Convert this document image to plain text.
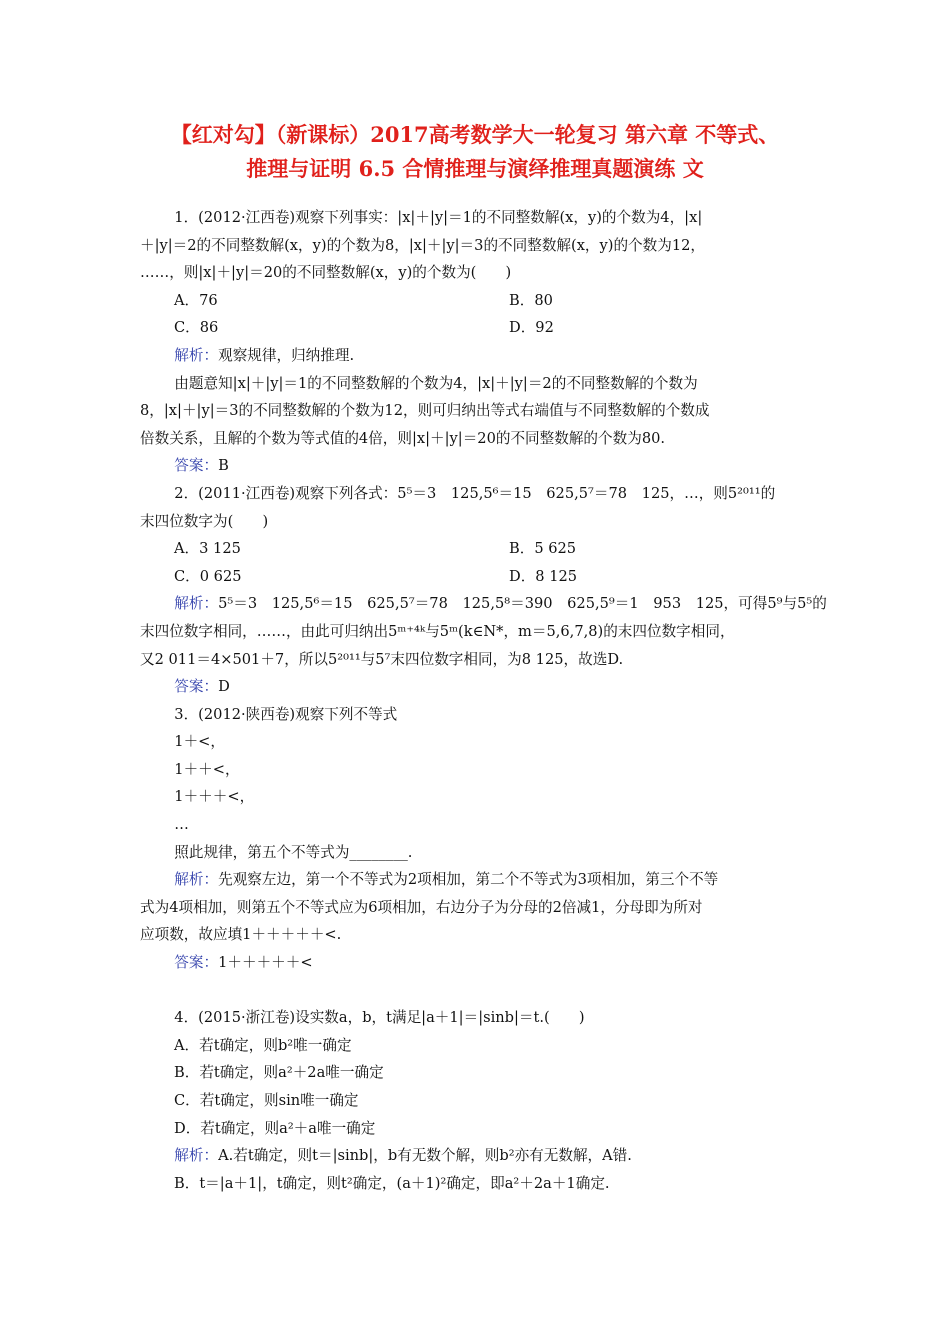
【红对勾】（新课标）2017高考数学大一轮复习 第六章 不等式、
推理与证明 6.5 合情推理与演绎推理真题演练 文

1．(2012·江西卷)观察下列事实：|x|＋|y|＝1的不同整数解(x，y)的个数为4，|x|

＋|y|＝2的不同整数解(x，y)的个数为8，|x|＋|y|＝3的不同整数解(x，y)的个数为12，

……，则|x|＋|y|＝20的不同整数解(x，y)的个数为(　　)

A．76	B．80
C．86	D．92

解析：观察规律，归纳推理.

由题意知|x|＋|y|＝1的不同整数解的个数为4，|x|＋|y|＝2的不同整数解的个数为

8，|x|＋|y|＝3的不同整数解的个数为12，则可归纳出等式右端值与不同整数解的个数成

倍数关系，且解的个数为等式值的4倍，则|x|＋|y|＝20的不同整数解的个数为80.

答案：B

2．(2011·江西卷)观察下列各式：5⁵＝3　125,5⁶＝15　625,5⁷＝78　125，…，则5²⁰¹¹的

末四位数字为(　　)

A．3 125	B．5 625
C．0 625	D．8 125

解析：5⁵＝3　125,5⁶＝15　625,5⁷＝78　125,5⁸＝390　625,5⁹＝1　953　125，可得5⁹与5⁵的

末四位数字相同，……，由此可归纳出5ᵐ⁺⁴ᵏ与5ᵐ(k∈N*，m＝5,6,7,8)的末四位数字相同，

又2 011＝4×501＋7，所以5²⁰¹¹与5⁷末四位数字相同，为8 125，故选D.

答案：D

3．(2012·陕西卷)观察下列不等式

1＋<，

1＋＋<，

1＋＋＋<，

…

照此规律，第五个不等式为________.

解析：先观察左边，第一个不等式为2项相加，第二个不等式为3项相加，第三个不等

式为4项相加，则第五个不等式应为6项相加，右边分子为分母的2倍减1，分母即为所对

应项数，故应填1＋＋＋＋＋<.

答案：1＋＋＋＋＋<

4．(2015·浙江卷)设实数a，b，t满足|a＋1|＝|sinb|＝t.(　　)

A．若t确定，则b²唯一确定

B．若t确定，则a²＋2a唯一确定

C．若t确定，则sin唯一确定

D．若t确定，则a²＋a唯一确定

解析：A.若t确定，则t＝|sinb|，b有无数个解，则b²亦有无数解，A错.

B．t＝|a＋1|，t确定，则t²确定，(a＋1)²确定，即a²＋2a＋1确定.
